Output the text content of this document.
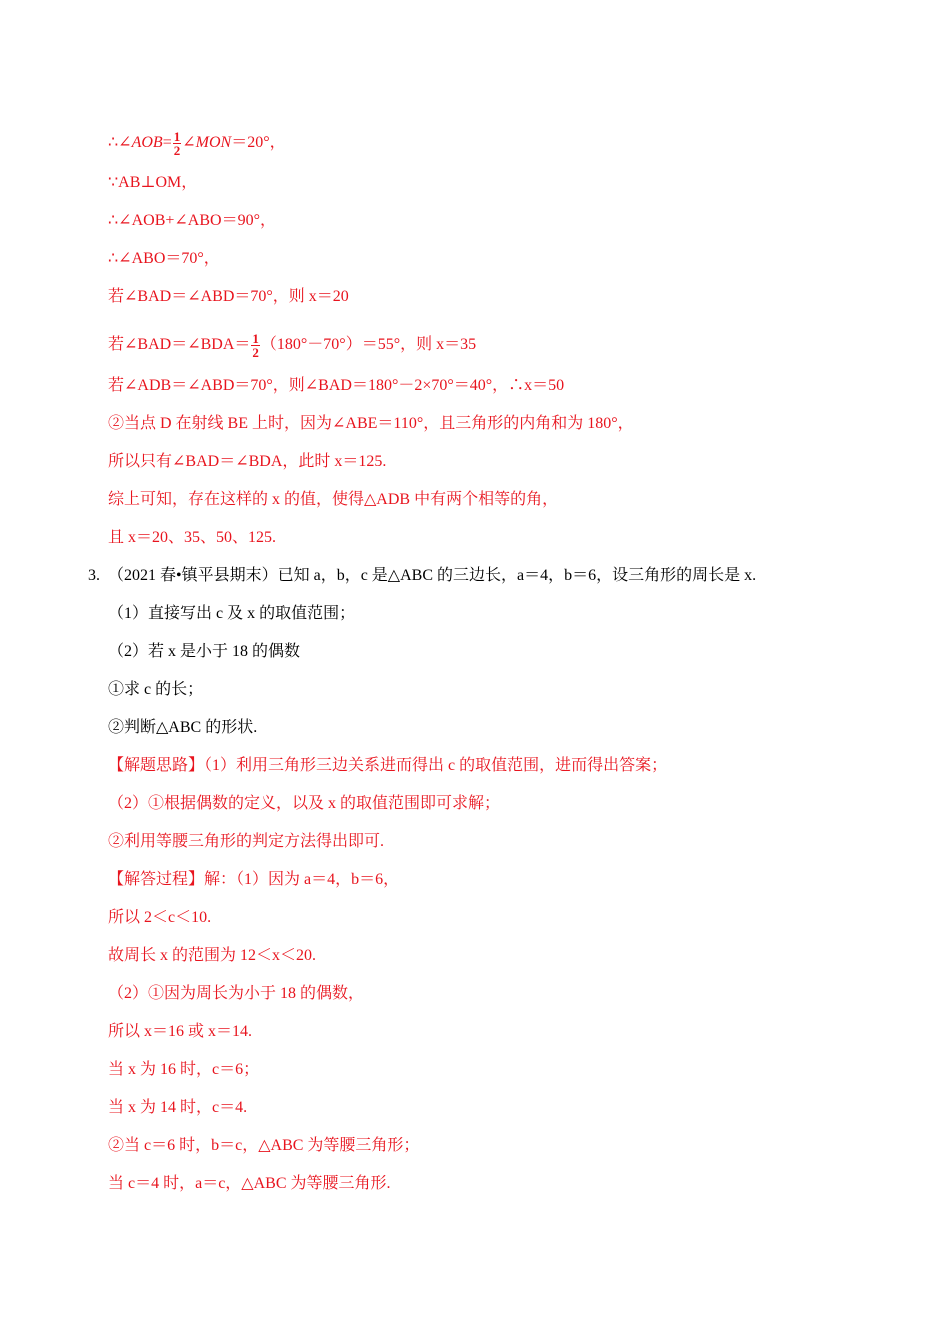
∴∠AOB= $\frac{1}{2}$ ∠MON＝20°，
∵AB⊥OM，
∴∠AOB+∠ABO＝90°，
∴∠ABO＝70°，
若∠BAD＝∠ABD＝70°，则 x＝20
若∠BAD＝∠BDA＝ $\frac{1}{2} (180^\circ-70^\circ)=55^\circ$，则 x＝35
若∠ADB＝∠ABD＝70°，则∠BAD＝180°－2×70°＝40°，∴x＝50
②当点 D 在射线 BE 上时，因为∠ABE＝110°，且三角形的内角和为 180°，
所以只有∠BAD＝∠BDA，此时 x＝125.
综上可知，存在这样的 x 的值，使得△ADB 中有两个相等的角，
且 x＝20、35、50、125.
3. （2021 春•镇平县期末）已知 a，b，c 是△ABC 的三边长，a＝4，b＝6，设三角形的周长是 x.
（1）直接写出 c 及 x 的取值范围；
（2）若 x 是小于 18 的偶数
①求 c 的长；
②判断△ABC 的形状.
【解题思路】（1）利用三角形三边关系进而得出 c 的取值范围，进而得出答案；
（2）①根据偶数的定义，以及 x 的取值范围即可求解；
②利用等腰三角形的判定方法得出即可.
【解答过程】解：（1）因为 a＝4，b＝6，
所以 2＜c＜10.
故周长 x 的范围为 12＜x＜20.
（2）①因为周长为小于 18 的偶数，
所以 x＝16 或 x＝14.
当 x 为 16 时，c＝6；
当 x 为 14 时，c＝4.
②当 c＝6 时，b＝c，△ABC 为等腰三角形；
当 c＝4 时，a＝c，△ABC 为等腰三角形.
